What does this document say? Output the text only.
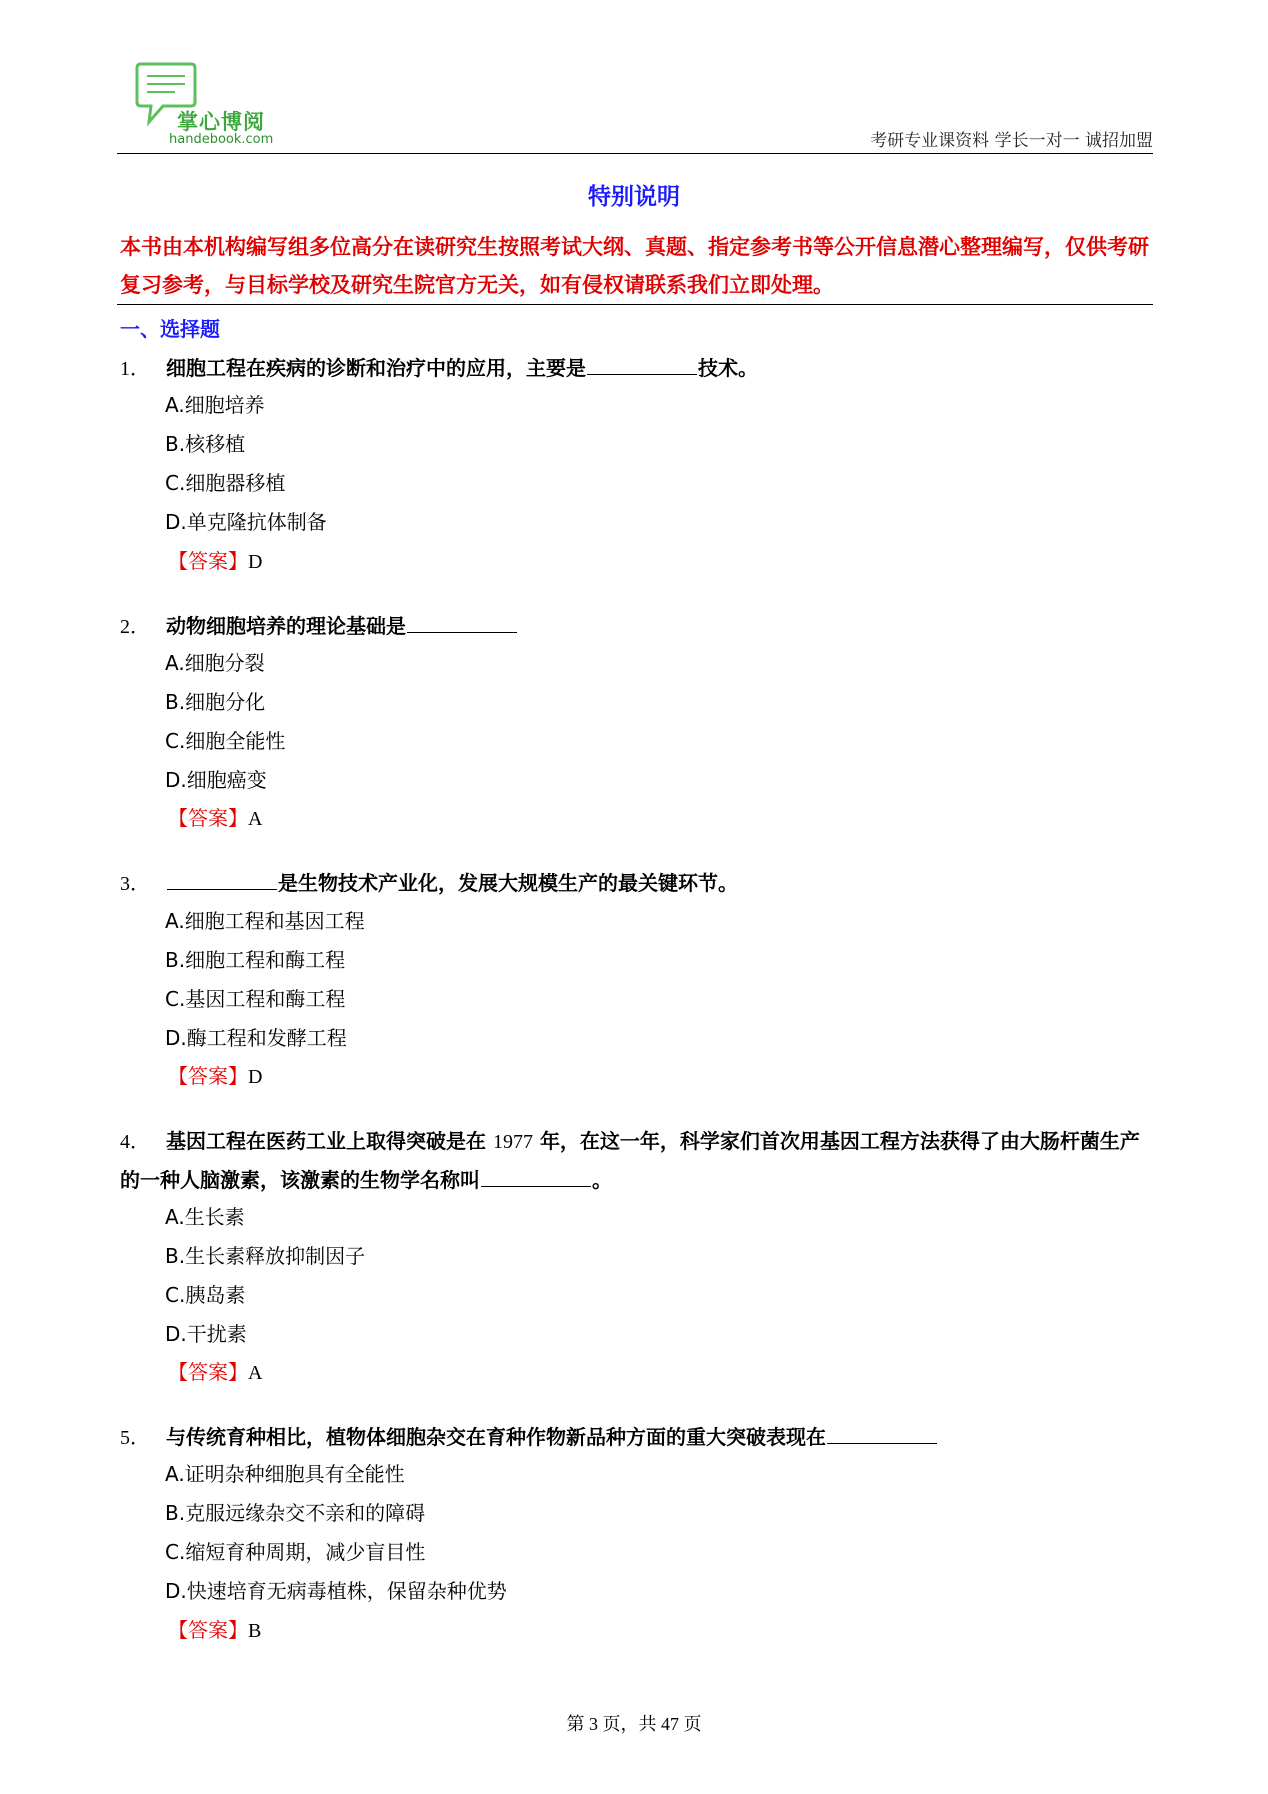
掌心博阅
handebook.com	考研专业课资料 学长一对一 诚招加盟
特别说明

本书由本机构编写组多位高分在读研究生按照考试大纲、真题、指定参考书等公开信息潜心整理编写，仅供考研复习参考，与目标学校及研究生院官方无关，如有侵权请联系我们立即处理。

一、选择题

1． 细胞工程在疾病的诊断和治疗中的应用，主要是	技术。

A.细胞培养
B.核移植
C.细胞器移植
D.单克隆抗体制备
【答案】D

2． 动物细胞培养的理论基础是

A.细胞分裂
B.细胞分化
C.细胞全能性
D.细胞癌变
【答案】A

3．	是生物技术产业化，发展大规模生产的最关键环节。

A.细胞工程和基因工程
B.细胞工程和酶工程
C.基因工程和酶工程
D.酶工程和发酵工程
【答案】D

4． 基因工程在医药工业上取得突破是在 1977 年，在这一年，科学家们首次用基因工程方法获得了由大肠杆菌生产的一种人脑激素，该激素的生物学名称叫	。

A.生长素
B.生长素释放抑制因子
C.胰岛素
D.干扰素
【答案】A

5． 与传统育种相比，植物体细胞杂交在育种作物新品种方面的重大突破表现在

A.证明杂种细胞具有全能性
B.克服远缘杂交不亲和的障碍
C.缩短育种周期，减少盲目性
D.快速培育无病毒植株，保留杂种优势
【答案】B
第 3 页，共 47 页
